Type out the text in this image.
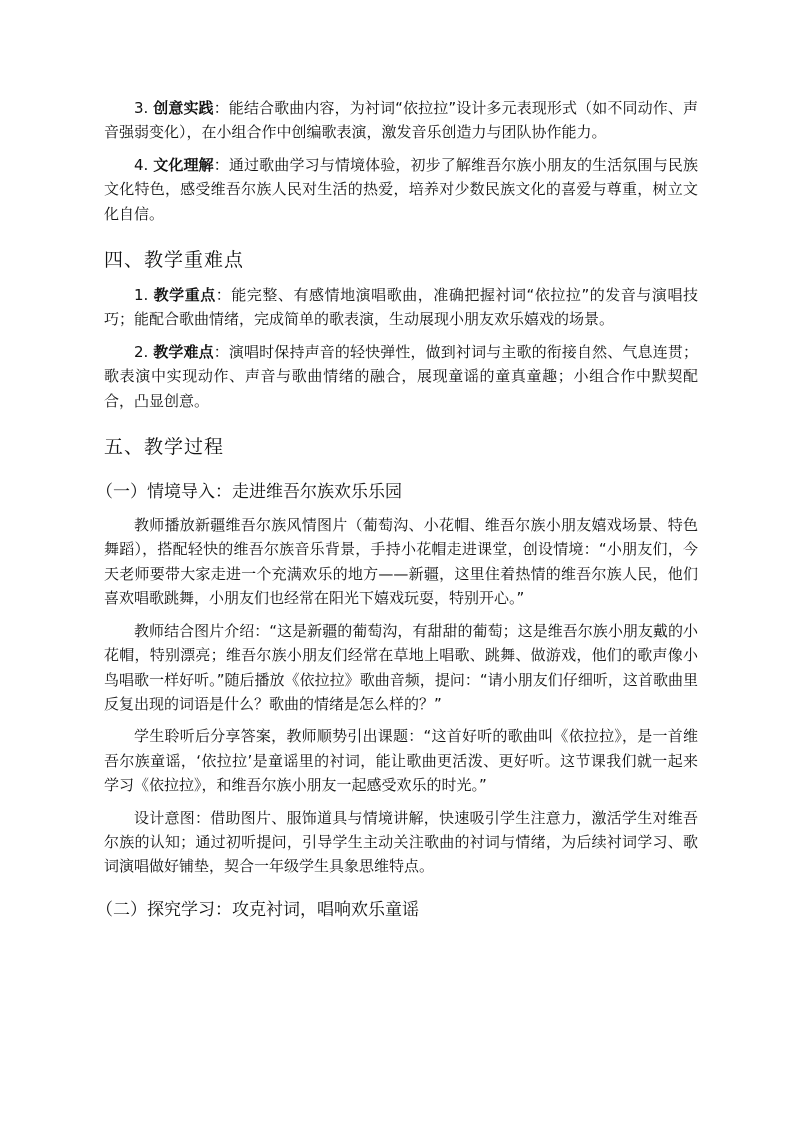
3. 创意实践：能结合歌曲内容，为衬词“依拉拉”设计多元表现形式（如不同动作、声音强弱变化），在小组合作中创编歌表演，激发音乐创造力与团队协作能力。

4. 文化理解：通过歌曲学习与情境体验，初步了解维吾尔族小朋友的生活氛围与民族文化特色，感受维吾尔族人民对生活的热爱，培养对少数民族文化的喜爱与尊重，树立文化自信。

四、教学重难点

1. 教学重点：能完整、有感情地演唱歌曲，准确把握衬词“依拉拉”的发音与演唱技巧；能配合歌曲情绪，完成简单的歌表演，生动展现小朋友欢乐嬉戏的场景。

2. 教学难点：演唱时保持声音的轻快弹性，做到衬词与主歌的衔接自然、气息连贯；歌表演中实现动作、声音与歌曲情绪的融合，展现童谣的童真童趣；小组合作中默契配合，凸显创意。

五、教学过程
（一）情境导入：走进维吾尔族欢乐乐园

教师播放新疆维吾尔族风情图片（葡萄沟、小花帽、维吾尔族小朋友嬉戏场景、特色舞蹈），搭配轻快的维吾尔族音乐背景，手持小花帽走进课堂，创设情境：“小朋友们，今天老师要带大家走进一个充满欢乐的地方——新疆，这里住着热情的维吾尔族人民，他们喜欢唱歌跳舞，小朋友们也经常在阳光下嬉戏玩耍，特别开心。”

教师结合图片介绍：“这是新疆的葡萄沟，有甜甜的葡萄；这是维吾尔族小朋友戴的小花帽，特别漂亮；维吾尔族小朋友们经常在草地上唱歌、跳舞、做游戏，他们的歌声像小鸟唱歌一样好听。”随后播放《依拉拉》歌曲音频，提问：“请小朋友们仔细听，这首歌曲里反复出现的词语是什么？歌曲的情绪是怎么样的？”

学生聆听后分享答案，教师顺势引出课题：“这首好听的歌曲叫《依拉拉》，是一首维吾尔族童谣，‘依拉拉’是童谣里的衬词，能让歌曲更活泼、更好听。这节课我们就一起来学习《依拉拉》，和维吾尔族小朋友一起感受欢乐的时光。”

设计意图：借助图片、服饰道具与情境讲解，快速吸引学生注意力，激活学生对维吾尔族的认知；通过初听提问，引导学生主动关注歌曲的衬词与情绪，为后续衬词学习、歌词演唱做好铺垫，契合一年级学生具象思维特点。

（二）探究学习：攻克衬词，唱响欢乐童谣
